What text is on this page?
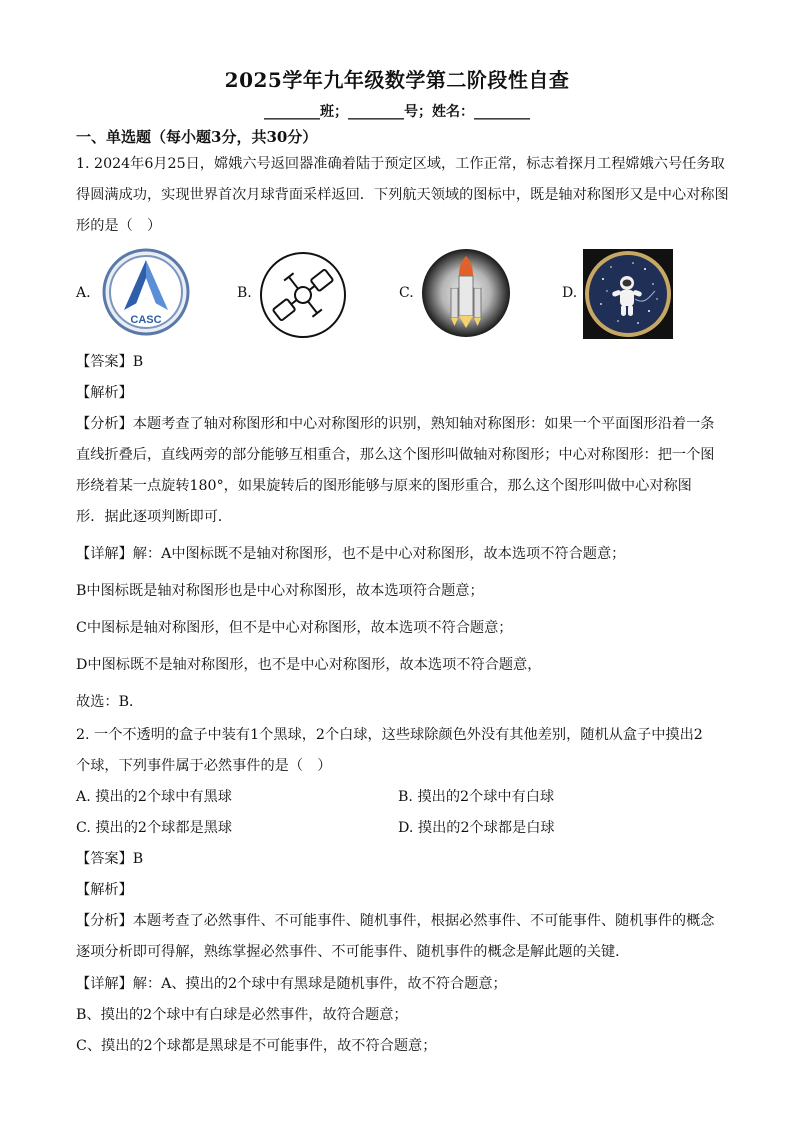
2025学年九年级数学第二阶段性自查
________班；________号；姓名：________
一、单选题（每小题3分，共30分）
1. 2024年6月25日，嫦娥六号返回器准确着陆于预定区域，工作正常，标志着探月工程嫦娥六号任务取
得圆满成功，实现世界首次月球背面采样返回．下列航天领域的图标中，既是轴对称图形又是中心对称图
形的是（　）
A.
CASC
B.	C.	D.
【答案】B
【解析】
【分析】本题考查了轴对称图形和中心对称图形的识别，熟知轴对称图形：如果一个平面图形沿着一条
直线折叠后，直线两旁的部分能够互相重合，那么这个图形叫做轴对称图形；中心对称图形：把一个图
形绕着某一点旋转180°，如果旋转后的图形能够与原来的图形重合，那么这个图形叫做中心对称图
形．据此逐项判断即可．
【详解】解：A中图标既不是轴对称图形，也不是中心对称图形，故本选项不符合题意；
B中图标既是轴对称图形也是中心对称图形，故本选项符合题意；
C中图标是轴对称图形，但不是中心对称图形，故本选项不符合题意；
D中图标既不是轴对称图形，也不是中心对称图形，故本选项不符合题意，
故选：B．
2. 一个不透明的盒子中装有1个黑球，2个白球，这些球除颜色外没有其他差别，随机从盒子中摸出2
个球，下列事件属于必然事件的是（　）
A. 摸出的2个球中有黑球	B. 摸出的2个球中有白球
C. 摸出的2个球都是黑球	D. 摸出的2个球都是白球
【答案】B
【解析】
【分析】本题考查了必然事件、不可能事件、随机事件，根据必然事件、不可能事件、随机事件的概念
逐项分析即可得解，熟练掌握必然事件、不可能事件、随机事件的概念是解此题的关键．
【详解】解：A、摸出的2个球中有黑球是随机事件，故不符合题意；
B、摸出的2个球中有白球是必然事件，故符合题意；
C、摸出的2个球都是黑球是不可能事件，故不符合题意；
